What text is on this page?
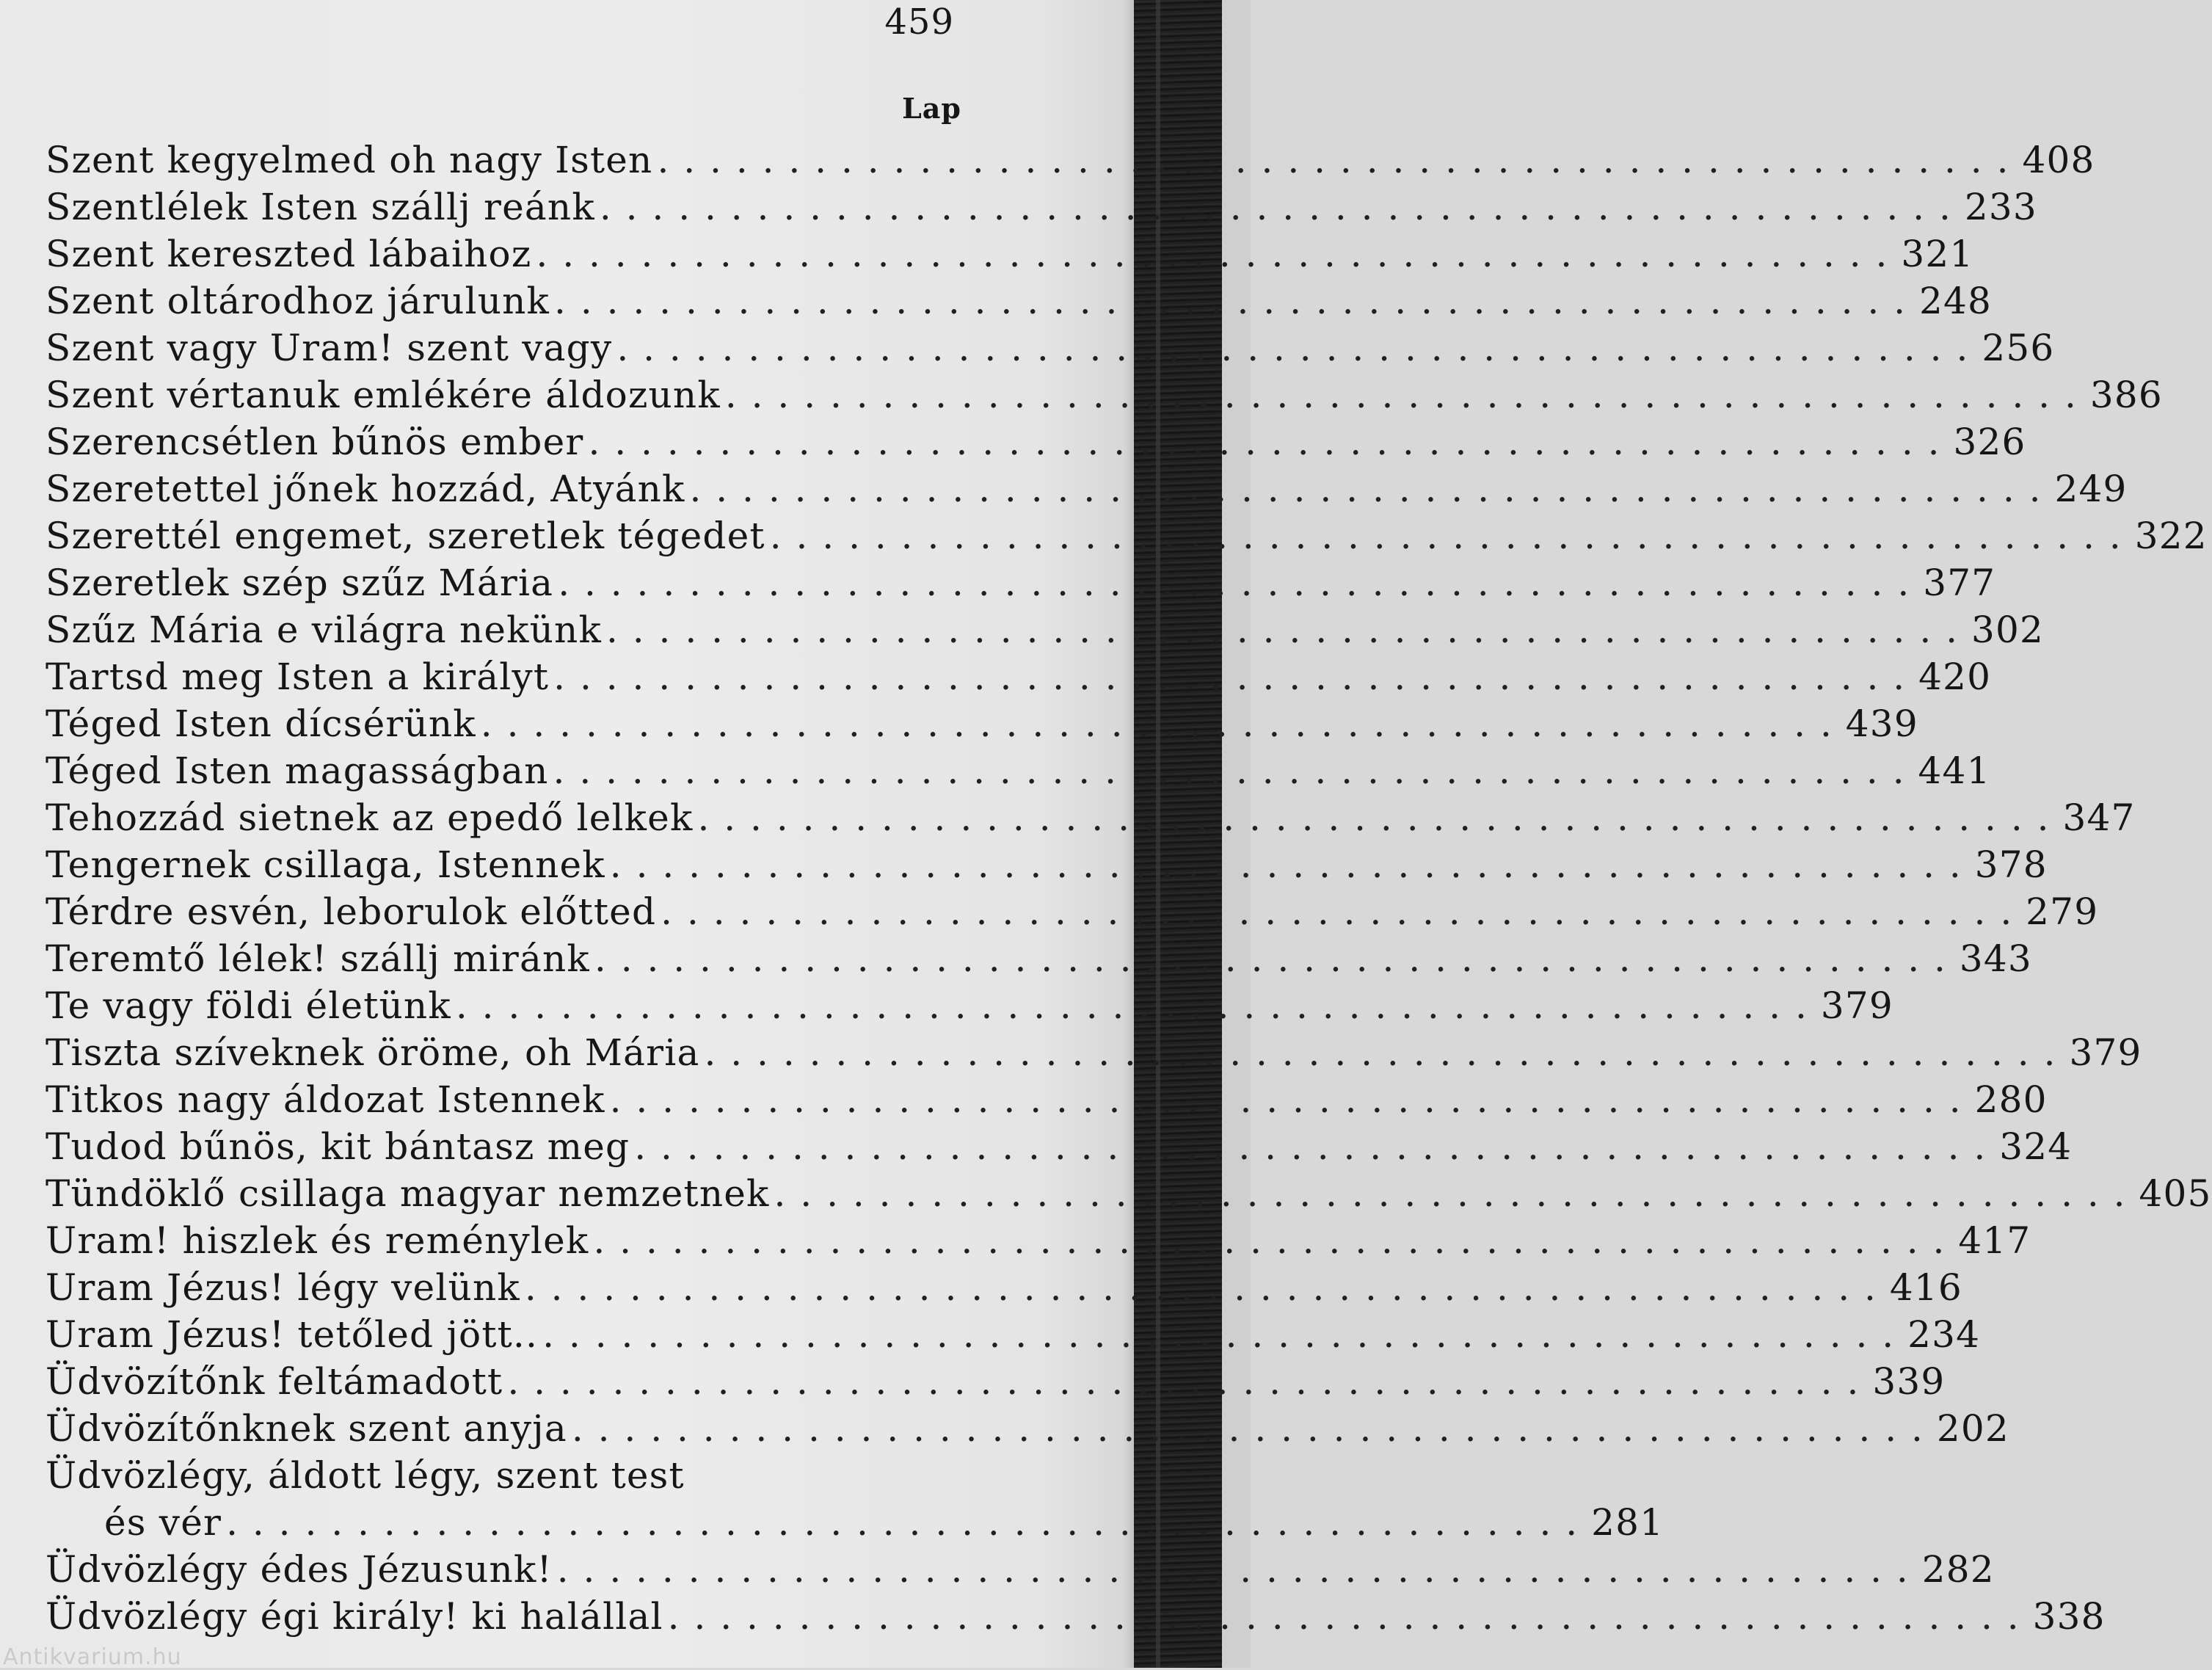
459
Lap
Szent kegyelmed oh nagy Isten . . .	408
Szentlélek Isten szállj reánk . . .	233
Szent kereszted lábaihoz . . .	321
Szent oltárodhoz járulunk . . .	248
Szent vagy Uram! szent vagy . . .	256
Szent vértanuk emlékére áldozunk . . .	386
Szerencsétlen bűnös ember . . .	326
Szeretettel jőnek hozzád, Atyánk . . .	249
Szerettél engemet, szeretlek tégedet . . .	322
Szeretlek szép szűz Mária . . .	377
Szűz Mária e világra nekünk . . .	302
Tartsd meg Isten a királyt . . .	420
Téged Isten dícsérünk . . .	439
Téged Isten magasságban . . .	441
Tehozzád sietnek az epedő lelkek . . .	347
Tengernek csillaga, Istennek . . .	378
Térdre esvén, leborulok előtted . . .	279
Teremtő lélek! szállj miránk . . .	343
Te vagy földi életünk . . .	379
Tiszta szíveknek öröme, oh Mária . . .	379
Titkos nagy áldozat Istennek . . .	280
Tudod bűnös, kit bántasz meg . . .	324
Tündöklő csillaga magyar nemzetnek . . .	405
Uram! hiszlek és reménylek . . .	417
Uram Jézus! légy velünk . . .	416
Uram Jézus! tetőled jött.. . . .	234
Üdvözítőnk feltámadott . . .	339
Üdvözítőnknek szent anyja . . .	202
Üdvözlégy, áldott légy, szent test
és vér . . .	281
Üdvözlégy édes Jézusunk! . . .	282
Üdvözlégy égi király! ki haláll​al . . .	338
Antikvarium.hu
